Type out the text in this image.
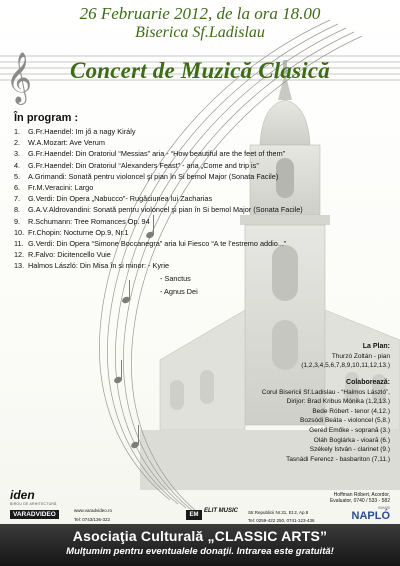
𝄞
26 Februarie 2012, de la ora 18.00
Biserica Sf.Ladislau
Concert de Muzică Clasică
În program :
1. G.Fr.Haendel: Im jő a nagy Király
2. W.A.Mozart: Ave Verum
3. G.Fr.Haendel: Din Oratoriul “Messias” aria - “How beautiful are the feet of them”
4. G.Fr.Haendel: Din Oratoriul “Alexanders Feast” - aria „Come and trip is”
5. A.Grimandi: Sonată pentru violoncel şi pian în Si bemol Major (Sonata Facile)
6. Fr.M.Veracini: Largo
7. G.Verdi: Din Opera „Nabucco”- Rugăciunea lui Zacharias
8. G.A.V.Aldrovandini: Sonată pentru violoncel şi pian în Si bemol Major (Sonata Facile)
9. R.Schumann: Tree Romances Op. 94
10. Fr.Chopin: Nocturne Op.9, Nr.1
11. G.Verdi: Din Opera “Simone Boccanegra” aria lui Fiesco “A te l’estremo addio...”
12. R.Falvo: Dicitencello Vuie
13. Halmos László: Din Misa în si minor: - Kyrie
- Sanctus
- Agnus Dei
La Plan:
Thurzó Zoltán - pian
(1,2,3,4,5,6,7,8,9,10,11,12,13.)
Colaborează:
Corul Bisericii Sf.Ladislau - “Halmos László”,
Dirijor: Brad Kribus Mónika (1,2,13.)
Bede Róbert - tenor (4,12.)
Bozsódi Beáta - violoncel (5,8.)
Geréd Emőke - soprană (3.)
Oláh Boglárka - vioară (6.)
Székely István - clarinet (9.)
Tasnádi Ferencz - basbariton (7,11.)
iden
BIROU DE ARHITECTURĂ
VARADVIDEO
www.varadvideo.ro
Tel: 0743/136-322
EM
ELIT MUSIC	Str.Republicii Nr.31, Et.2, Ap.8
Tel: 0259-422 250, 0741-123-436
Hoffman Róbert, Acordor,
Evaluator, 0740 / 533 - 582
BIHARI
NAPLÓ
Asociaţia Culturală „CLASSIC ARTS”
Mulţumim pentru eventualele donaţii. Intrarea este gratuită!
